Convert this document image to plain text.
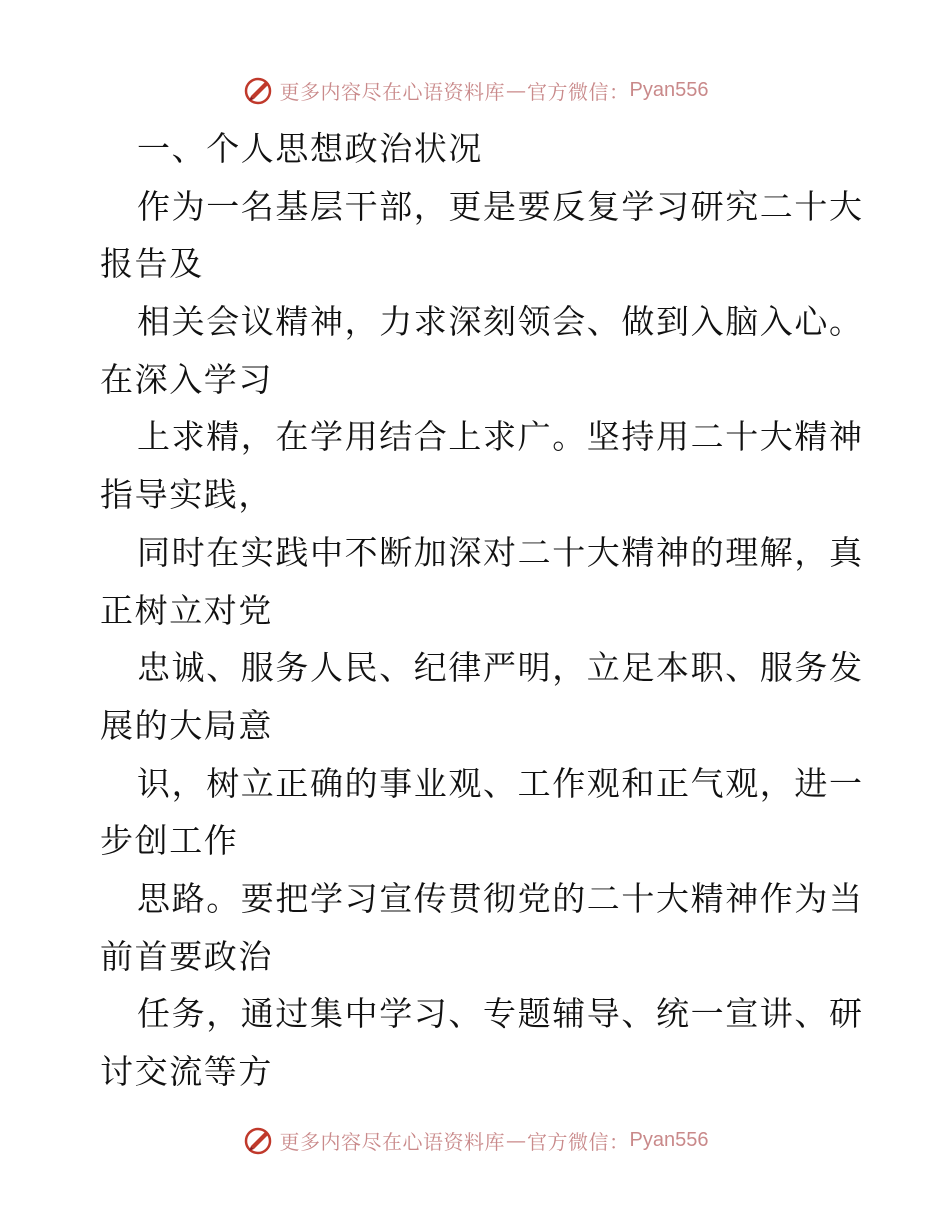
更多内容尽在心语资料库 — 官方微信： Pyan556
一、个人思想政治状况
作为一名基层干部，更是要反复学习研究二十大
报告及
相关会议精神，力求深刻领会、做到入脑入心。
在深入学习
上求精，在学用结合上求广。坚持用二十大精神
指导实践，
同时在实践中不断加深对二十大精神的理解，真
正树立对党
忠诚、服务人民、纪律严明，立足本职、服务发
展的大局意
识，树立正确的事业观、工作观和正气观，进一
步创工作
思路。要把学习宣传贯彻党的二十大精神作为当
前首要政治
任务，通过集中学习、专题辅导、统一宣讲、研
讨交流等方
更多内容尽在心语资料库 — 官方微信： Pyan556
